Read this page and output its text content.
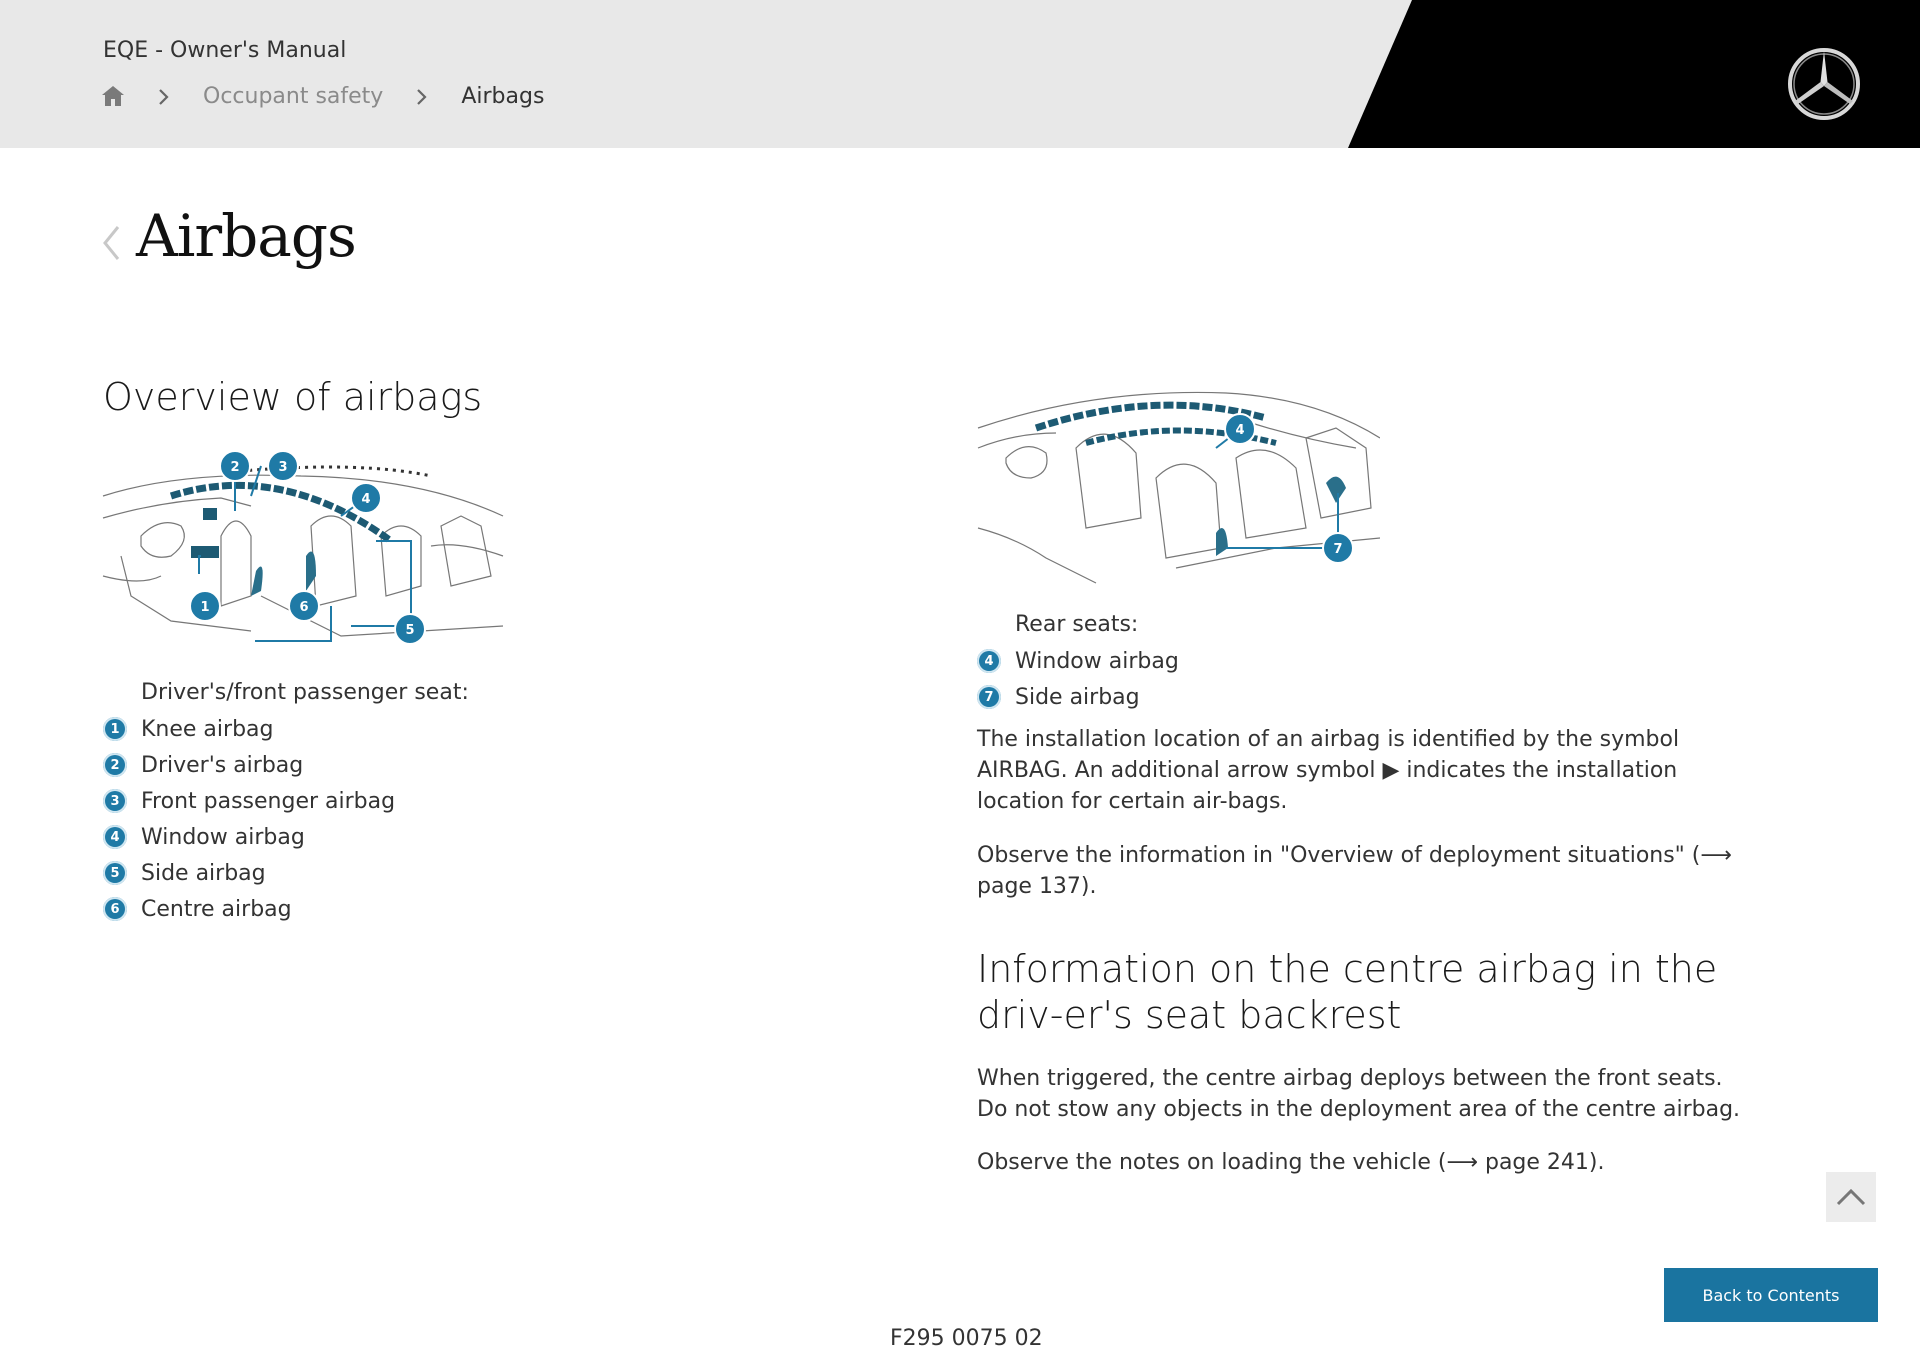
EQE - Owner's Manual
Occupant safety	Airbags
Airbags
Overview of airbags
2	3
4
1	6
5
Driver's/front passenger seat:
1 Knee airbag
2 Driver's airbag
3 Front passenger airbag
4 Window airbag
5 Side airbag
6 Centre airbag
4
7
Rear seats:
4 Window airbag
7 Side airbag
The installation location of an airbag is identified by the symbol AIRBAG. An additional arrow symbol ▶ indicates the installation location for certain air-bags.
Observe the information in "Overview of deployment situations" (⟶ page 137).
Information on the centre airbag in the driv-er's seat backrest
When triggered, the centre airbag deploys between the front seats. Do not stow any objects in the deployment area of the centre airbag.
Observe the notes on loading the vehicle (⟶ page 241).
Back to Contents
F295 0075 02
